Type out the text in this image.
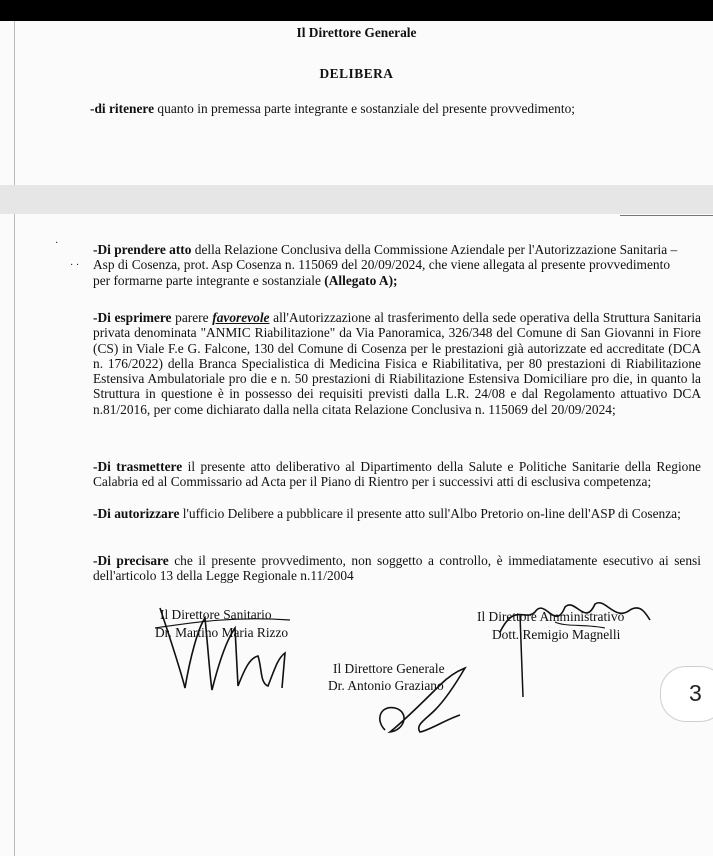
Il Direttore Generale
DELIBERA
-di ritenere quanto in premessa parte integrante e sostanziale del presente provvedimento;

-Di prendere atto della Relazione Conclusiva della Commissione Aziendale per l'Autorizzazione Sanitaria –

Asp di Cosenza, prot. Asp Cosenza n. 115069 del 20/09/2024, che viene allegata al presente provvedimento

per formarne parte integrante e sostanziale (Allegato A);

-Di esprimere parere favorevole all'Autorizzazione al trasferimento della sede operativa della Struttura Sanitaria privata denominata "ANMIC Riabilitazione" da Via Panoramica, 326/348 del Comune di San Giovanni in Fiore (CS) in Viale F.e G. Falcone, 130 del Comune di Cosenza per le prestazioni già autorizzate ed accreditate (DCA n. 176/2022) della Branca Specialistica di Medicina Fisica e Riabilitativa, per 80 prestazioni di Riabilitazione Estensiva Ambulatoriale pro die e n. 50 prestazioni di Riabilitazione Estensiva Domiciliare pro die, in quanto la Struttura in questione è in possesso dei requisiti previsti dalla L.R. 24/08 e dal Regolamento attuativo DCA n.81/2016, per come dichiarato dalla nella citata Relazione Conclusiva n. 115069 del 20/09/2024;
-Di trasmettere il presente atto deliberativo al Dipartimento della Salute e Politiche Sanitarie della Regione Calabria ed al Commissario ad Acta per il Piano di Rientro per i successivi atti di esclusiva competenza;
-Di autorizzare l'ufficio Delibere a pubblicare il presente atto sull'Albo Pretorio on-line dell'ASP di Cosenza;
-Di precisare che il presente provvedimento, non soggetto a controllo, è immediatamente esecutivo ai sensi dell'articolo 13 della Legge Regionale n.11/2004
Il Direttore Sanitario
Dr. Martino Maria Rizzo
Il Direttore Amministrativo
Dott. Remigio Magnelli
Il Direttore Generale
Dr. Antonio Graziano
·
· ·
3
